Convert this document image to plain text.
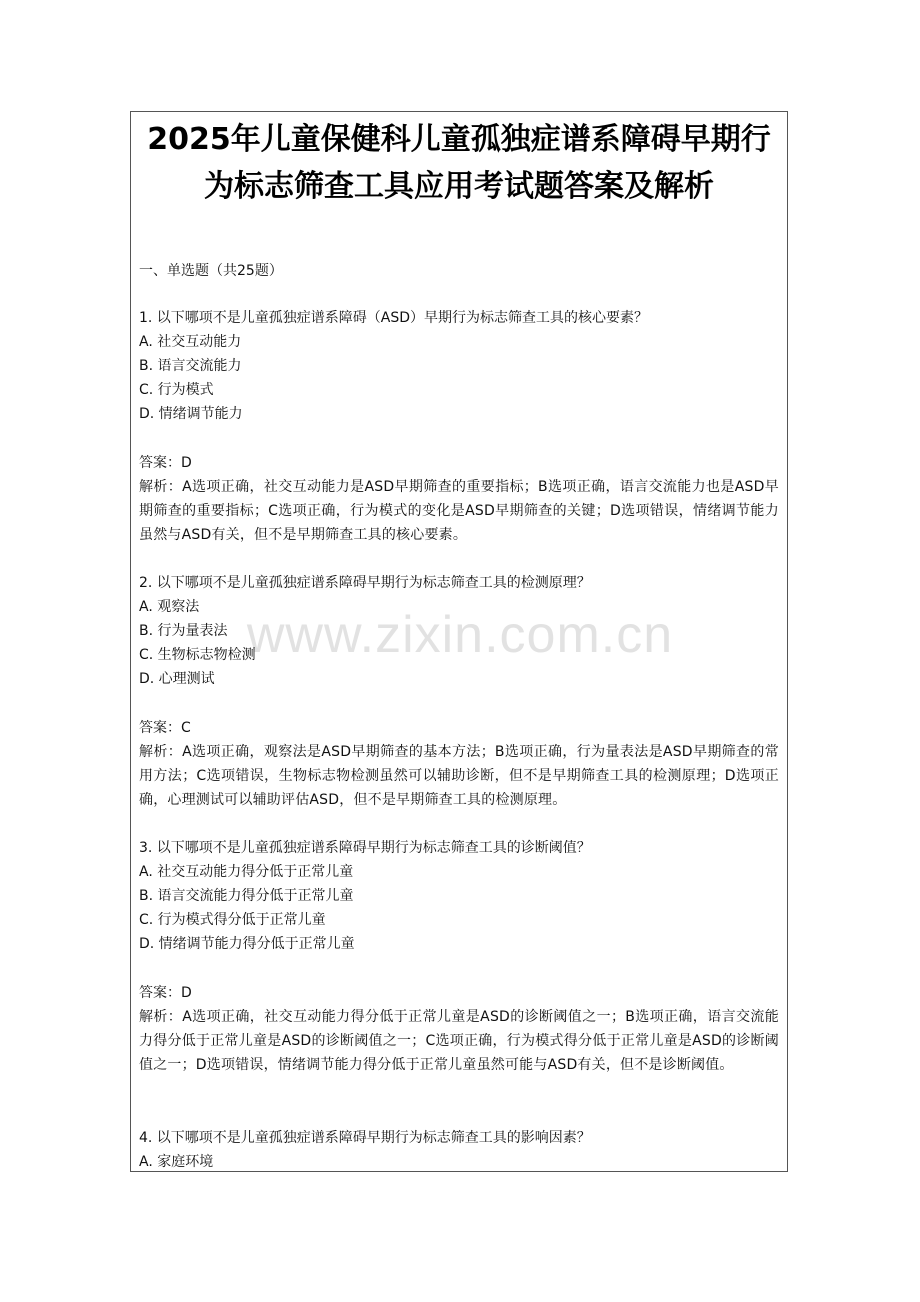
www.zixin.com.cn
2025年儿童保健科儿童孤独症谱系障碍早期行为标志筛查工具应用考试题答案及解析
一、单选题（共25题）
1. 以下哪项不是儿童孤独症谱系障碍（ASD）早期行为标志筛查工具的核心要素？
A. 社交互动能力
B. 语言交流能力
C. 行为模式
D. 情绪调节能力
答案：D
解析：A选项正确，社交互动能力是ASD早期筛查的重要指标；B选项正确，语言交流能力也是ASD早期筛查的重要指标；C选项正确，行为模式的变化是ASD早期筛查的关键；D选项错误，情绪调节能力虽然与ASD有关，但不是早期筛查工具的核心要素。
2. 以下哪项不是儿童孤独症谱系障碍早期行为标志筛查工具的检测原理？
A. 观察法
B. 行为量表法
C. 生物标志物检测
D. 心理测试
答案：C
解析：A选项正确，观察法是ASD早期筛查的基本方法；B选项正确，行为量表法是ASD早期筛查的常用方法；C选项错误，生物标志物检测虽然可以辅助诊断，但不是早期筛查工具的检测原理；D选项正确，心理测试可以辅助评估ASD，但不是早期筛查工具的检测原理。
3. 以下哪项不是儿童孤独症谱系障碍早期行为标志筛查工具的诊断阈值？
A. 社交互动能力得分低于正常儿童
B. 语言交流能力得分低于正常儿童
C. 行为模式得分低于正常儿童
D. 情绪调节能力得分低于正常儿童
答案：D
解析：A选项正确，社交互动能力得分低于正常儿童是ASD的诊断阈值之一；B选项正确，语言交流能力得分低于正常儿童是ASD的诊断阈值之一；C选项正确，行为模式得分低于正常儿童是ASD的诊断阈值之一；D选项错误，情绪调节能力得分低于正常儿童虽然可能与ASD有关，但不是诊断阈值。
4. 以下哪项不是儿童孤独症谱系障碍早期行为标志筛查工具的影响因素？
A. 家庭环境
